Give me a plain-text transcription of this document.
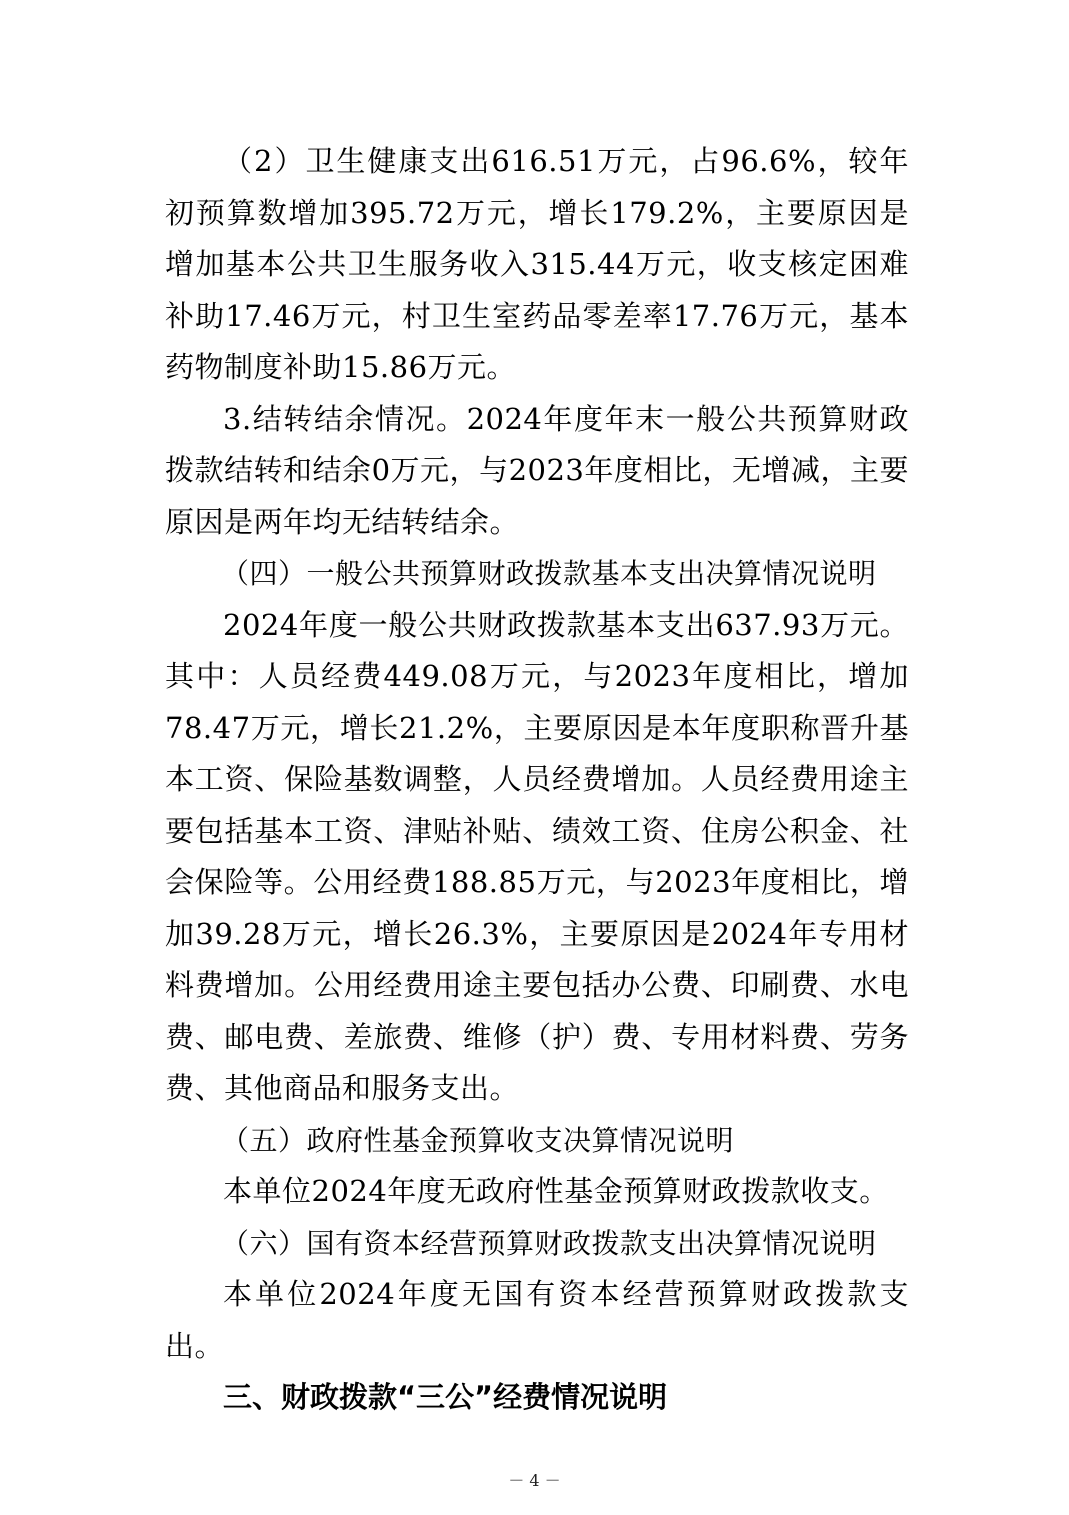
（2）卫生健康支出616.51万元，占96.6%，较年初预算数增加395.72万元，增长179.2%，主要原因是增加基本公共卫生服务收入315.44万元，收支核定困难补助17.46万元，村卫生室药品零差率17.76万元，基本药物制度补助15.86万元。

3.结转结余情况。2024年度年末一般公共预算财政拨款结转和结余0万元，与2023年度相比，无增减，主要原因是两年均无结转结余。

（四）一般公共预算财政拨款基本支出决算情况说明

2024年度一般公共财政拨款基本支出637.93万元。其中：人员经费449.08万元，与2023年度相比，增加78.47万元，增长21.2%，主要原因是本年度职称晋升基本工资、保险基数调整，人员经费增加。人员经费用途主要包括基本工资、津贴补贴、绩效工资、住房公积金、社会保险等。公用经费188.85万元，与2023年度相比，增加39.28万元，增长26.3%，主要原因是2024年专用材料费增加。公用经费用途主要包括办公费、印刷费、水电费、邮电费、差旅费、维修（护）费、专用材料费、劳务费、其他商品和服务支出。

（五）政府性基金预算收支决算情况说明

本单位2024年度无政府性基金预算财政拨款收支。

（六）国有资本经营预算财政拨款支出决算情况说明

本单位2024年度无国有资本经营预算财政拨款支出。

三、财政拨款“三公”经费情况说明

－ 4 －
